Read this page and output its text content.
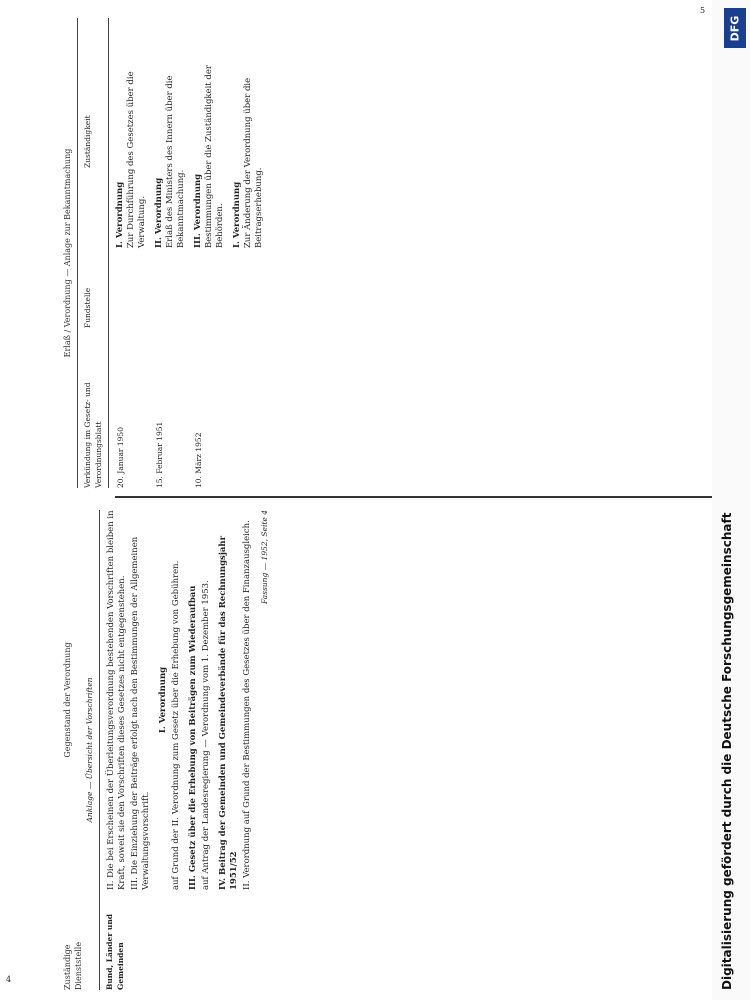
4
5
Erlaß / Verordnung — Anlage zur Bekanntmachung
Verkündung im Gesetz- und Verordnungsblatt
Fundstelle
Zuständigkeit
20. Januar 1950
I. Verordnung Zur Durchführung des Gesetzes über die Verwaltung.
15. Februar 1951
II. Verordnung Erlaß des Ministers des Innern über die Bekanntmachung.
10. März 1952
III. Verordnung Bestimmungen über die Zuständigkeit der Behörden. I. Verordnung Zur Änderung der Verordnung über die Beitragserhebung.
Zuständige Dienststelle
Gegenstand der Verordnung	Anklage — Übersicht der Vorschriften
Bund, Länder und Gemeinden

II. Die bei Erscheinen der Überleitungsverordnung bestehenden Vorschriften bleiben in Kraft, soweit sie den Vorschriften dieses Gesetzes nicht entgegenstehen. III. Die Einziehung der Beiträge erfolgt nach den Bestimmungen der Allgemeinen Verwaltungsvorschrift.

I. Verordnung auf Grund der II. Verordnung zum Gesetz über die Erhebung von Gebühren. III. Gesetz über die Erhebung von Beiträgen zum Wiederaufbau auf Antrag der Landesregierung — Verordnung vom 1. Dezember 1953. IV. Beitrag der Gemeinden und Gemeindeverbände für das Rechnungsjahr 1951/52 II. Verordnung auf Grund der Bestimmungen des Gesetzes über den Finanzausgleich. Fassung — 1952, Seite 4
DFG
Digitalisierung gefördert durch die Deutsche Forschungsgemeinschaft
